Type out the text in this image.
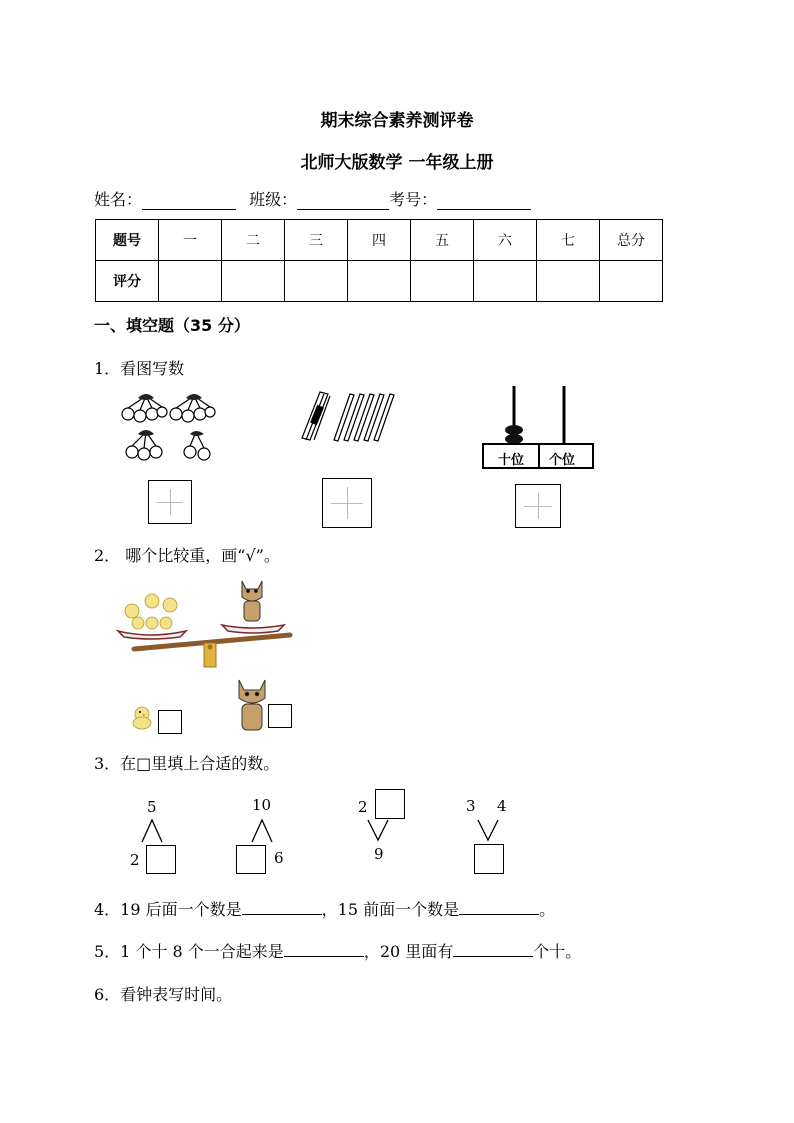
期末综合素养测评卷
北师大版数学 一年级上册
姓名：	班级：	考号：
题号	一	二	三	四	五	六	七	总分
评分								
一、填空题（35 分）
1．看图写数
十位 个位
2． 哪个比较重，画“√”。
3．在□里填上合适的数。
5
2
10
6
2
9
3 4
4．19 后面一个数是	，15 前面一个数是	。
5．1 个十 8 个一合起来是	，20 里面有	个十。
6．看钟表写时间。
